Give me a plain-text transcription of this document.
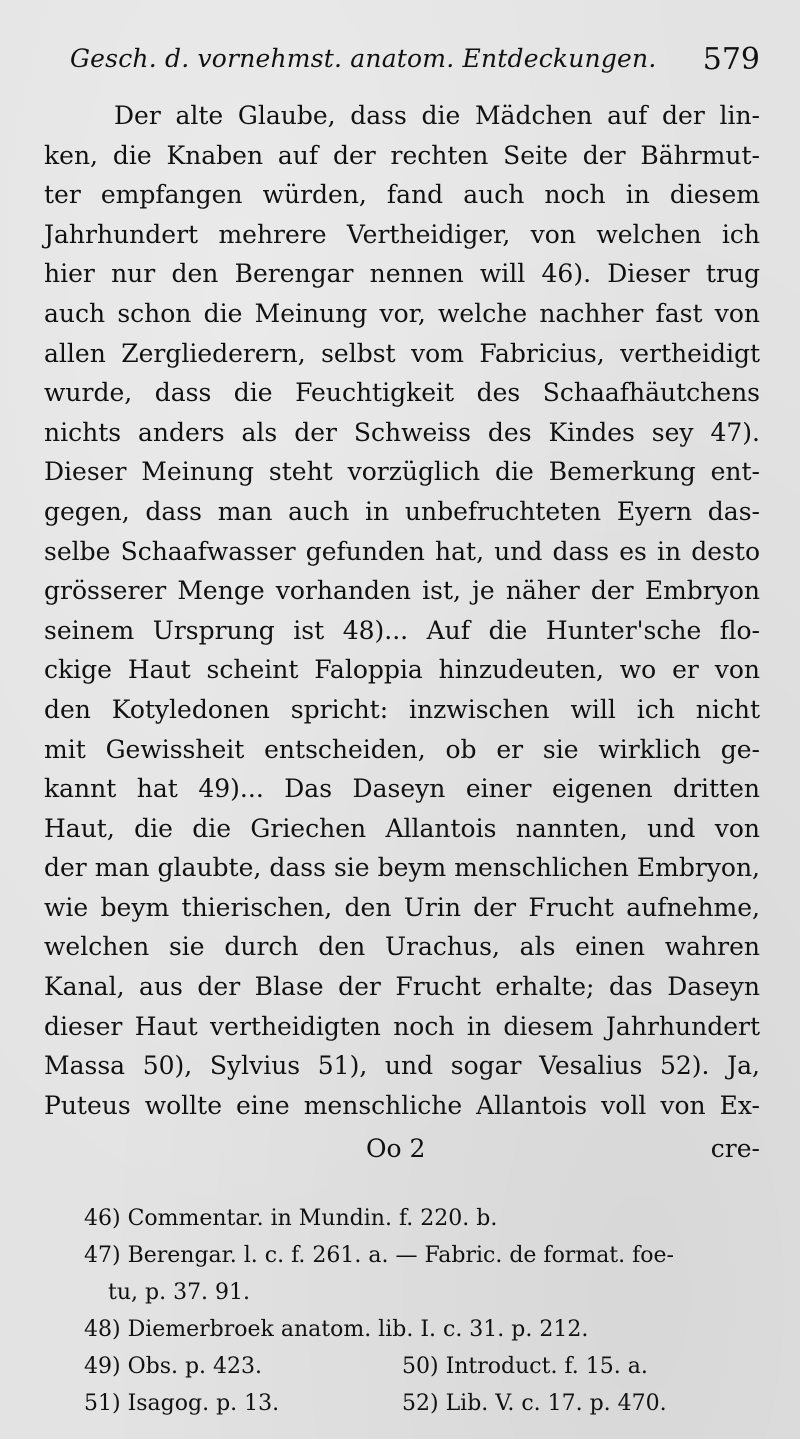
Gesch. d. vornehmst. anatom. Entdeckungen. 579
Der alte Glaube, dass die Mädchen auf der lin-
ken, die Knaben auf der rechten Seite der Bährmut-
ter empfangen würden, fand auch noch in diesem
Jahrhundert mehrere Vertheidiger, von welchen ich
hier nur den Berengar nennen will 46). Dieser trug
auch schon die Meinung vor, welche nachher fast von
allen Zergliederern, selbst vom Fabricius, vertheidigt
wurde, dass die Feuchtigkeit des Schaafhäutchens
nichts anders als der Schweiss des Kindes sey 47).
Dieser Meinung steht vorzüglich die Bemerkung ent-
gegen, dass man auch in unbefruchteten Eyern das-
selbe Schaafwasser gefunden hat, und dass es in desto
grösserer Menge vorhanden ist, je näher der Embryon
seinem Ursprung ist 48)... Auf die Hunter'sche flo-
ckige Haut scheint Faloppia hinzudeuten, wo er von
den Kotyledonen spricht: inzwischen will ich nicht
mit Gewissheit entscheiden, ob er sie wirklich ge-
kannt hat 49)... Das Daseyn einer eigenen dritten
Haut, die die Griechen Allantois nannten, und von
der man glaubte, dass sie beym menschlichen Embryon,
wie beym thierischen, den Urin der Frucht aufnehme,
welchen sie durch den Urachus, als einen wahren
Kanal, aus der Blase der Frucht erhalte; das Daseyn
dieser Haut vertheidigten noch in diesem Jahrhundert
Massa 50), Sylvius 51), und sogar Vesalius 52). Ja,
Puteus wollte eine menschliche Allantois voll von Ex-
Oo 2	cre-
46) Commentar. in Mundin. f. 220. b.
47) Berengar. l. c. f. 261. a. — Fabric. de format. foe-
tu, p. 37. 91.
48) Diemerbroek anatom. lib. I. c. 31. p. 212.
49) Obs. p. 423.	50) Introduct. f. 15. a.
51) Isagog. p. 13.	52) Lib. V. c. 17. p. 470.
